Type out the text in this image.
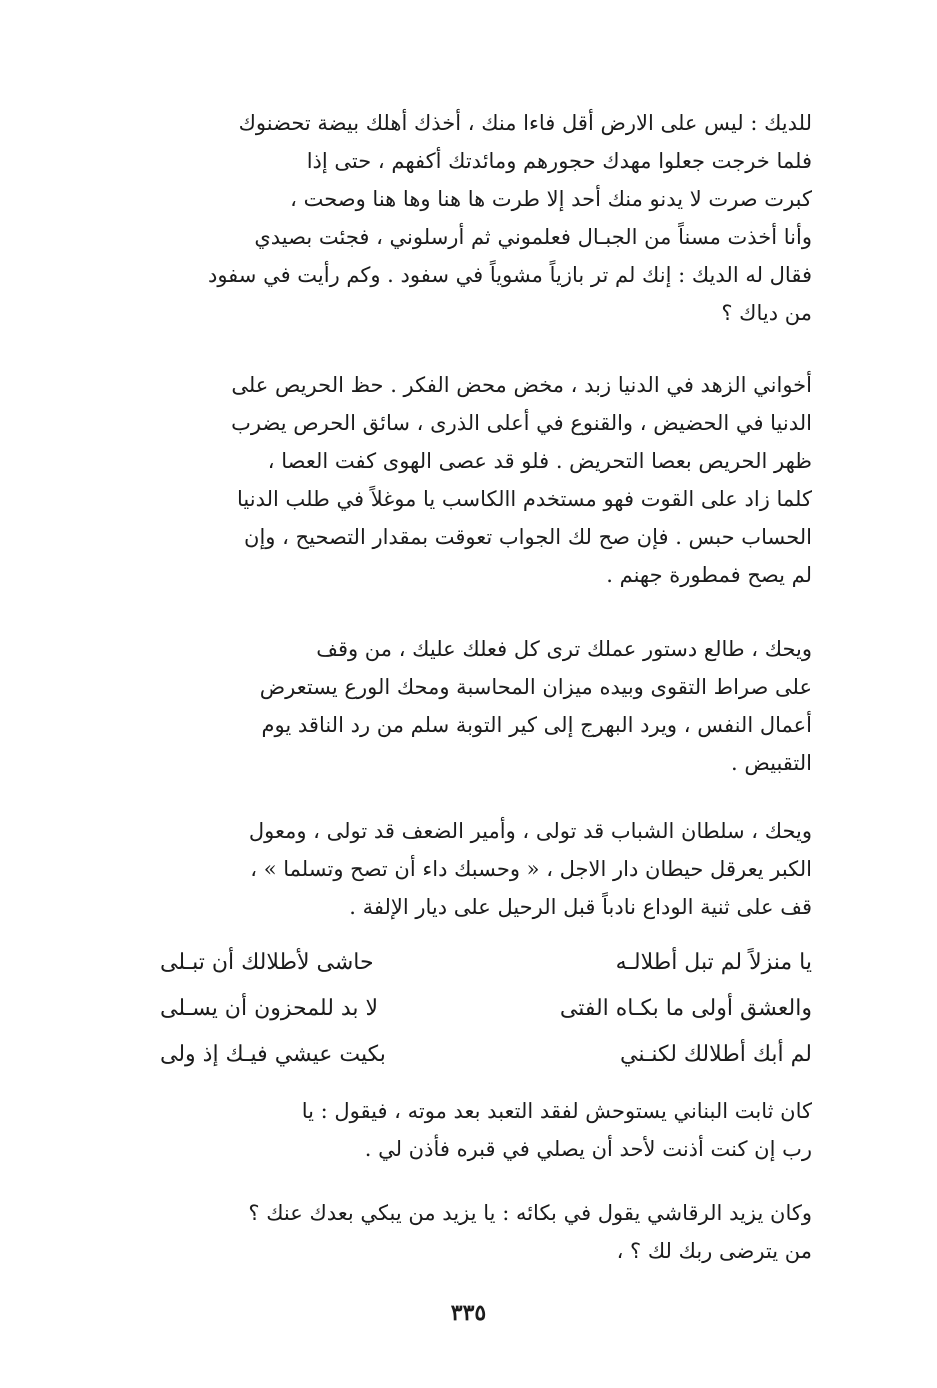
للديك : ليس على الارض أقل فاءا منك ، أخذك أهلك بيضة تحضنوك
فلما خرجت جعلوا مهدك حجورهم ومائدتك أكفهم ، حتى إذا
كبرت صرت لا يدنو منك أحد إلا طرت ها هنا وها هنا وصحت ،
وأنا أخذت مسناً من الجبـال فعلموني ثم أرسلوني ، فجئت بصيدي
فقال له الديك : إنك لم تر بازياً مشوياً في سفود . وكم رأيت في سفود
من دياك ؟

أخواني الزهد في الدنيا زبد ، مخض محض الفكر . حظ الحريص على
الدنيا في الحضيض ، والقنوع في أعلى الذرى ، سائق الحرص يضرب
ظهر الحريص بعصا التحريض . فلو قد عصى الهوى كفت العصا ،
كلما زاد على القوت فهو مستخدم االكاسب يا موغلاً في طلب الدنيا
الحساب حبس . فإن صح لك الجواب تعوقت بمقدار التصحيح ، وإن
لم يصح فمطورة جهنم .

ويحك ، طالع دستور عملك ترى كل فعلك عليك ، من وقف
على صراط التقوى وبيده ميزان المحاسبة ومحك الورع يستعرض
أعمال النفس ، ويرد البهرج إلى كير التوبة سلم من رد الناقد يوم
التقبيض .

ويحك ، سلطان الشباب قد تولى ، وأمير الضعف قد تولى ، ومعول
الكبر يعرقل حيطان دار الاجل ، « وحسبك داء أن تصح وتسلما » ،
قف على ثنية الوداع نادباً قبل الرحيل على ديار الإلفة .

يا منزلاً لم تبل أطلالـه
حاشى لأطلالك أن تبـلى
والعشق أولى ما بكـاه الفتى
لا بد للمحزون أن يسـلى
لم أبك أطلالك لكنـني
بكيت عيشي فيـك إذ ولى

كان ثابت البناني يستوحش لفقد التعبد بعد موته ، فيقول : يا
رب إن كنت أذنت لأحد أن يصلي في قبره فأذن لي .

وكان يزيد الرقاشي يقول في بكائه : يا يزيد من يبكي بعدك عنك ؟
من يترضى ربك لك ؟ ،

٣٣٥
